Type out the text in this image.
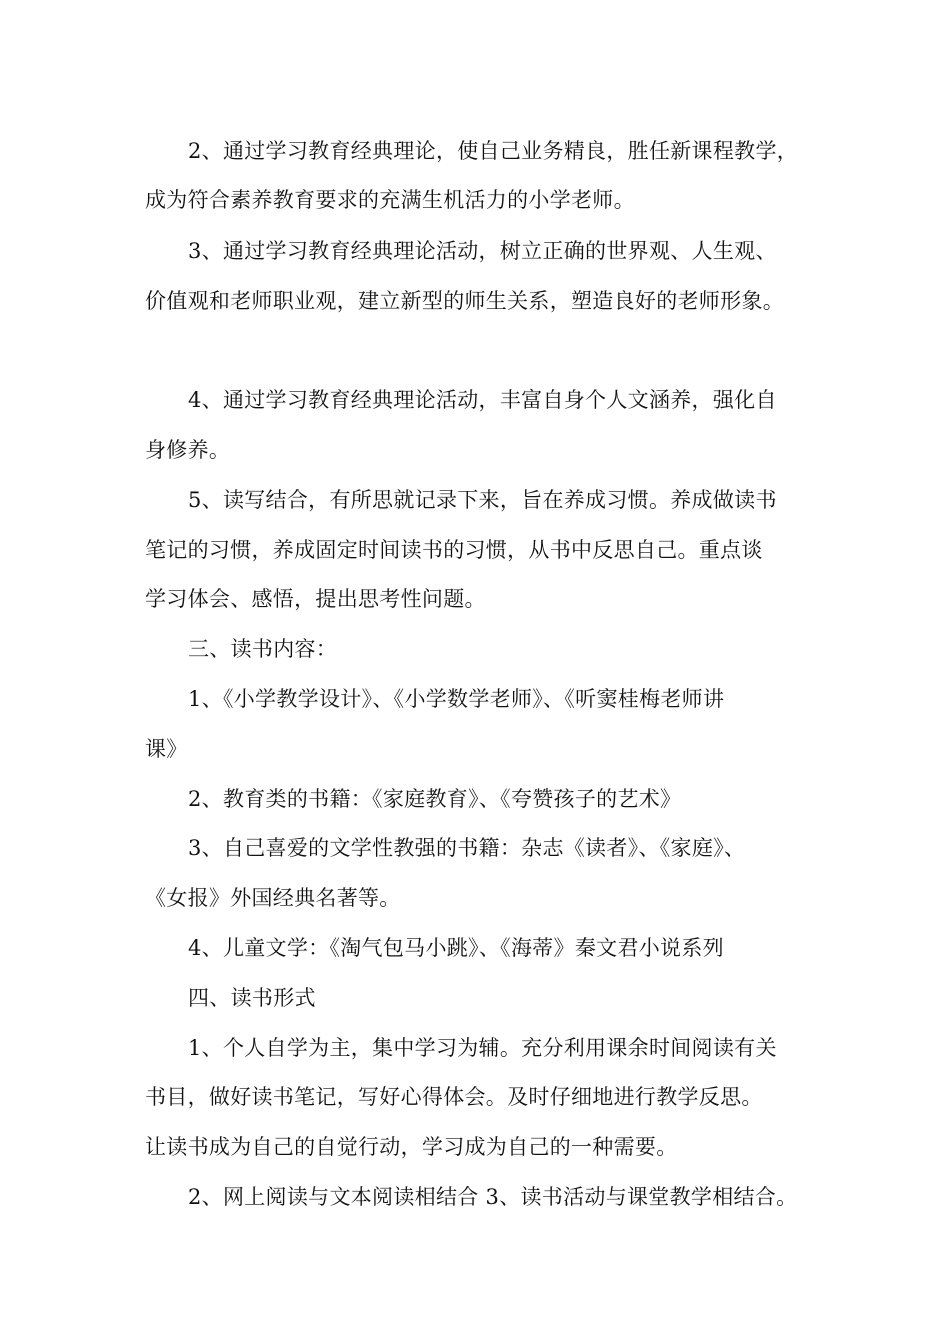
2、通过学习教育经典理论，使自己业务精良，胜任新课程教学，
成为符合素养教育要求的充满生机活力的小学老师。
3、通过学习教育经典理论活动，树立正确的世界观、人生观、
价值观和老师职业观，建立新型的师生关系，塑造良好的老师形象。
4、通过学习教育经典理论活动，丰富自身个人文涵养，强化自
身修养。
5、读写结合，有所思就记录下来，旨在养成习惯。养成做读书
笔记的习惯，养成固定时间读书的习惯，从书中反思自己。重点谈
学习体会、感悟，提出思考性问题。
三、读书内容：
1、《小学教学设计》、《小学数学老师》、《听窦桂梅老师讲
课》
2、教育类的书籍：《家庭教育》、《夸赞孩子的艺术》
3、自己喜爱的文学性教强的书籍：杂志《读者》、《家庭》、
《女报》外国经典名著等。
4、儿童文学：《淘气包马小跳》、《海蒂》秦文君小说系列
四、读书形式
1、个人自学为主，集中学习为辅。充分利用课余时间阅读有关
书目，做好读书笔记，写好心得体会。及时仔细地进行教学反思。
让读书成为自己的自觉行动，学习成为自己的一种需要。
2、网上阅读与文本阅读相结合 3、读书活动与课堂教学相结合。
